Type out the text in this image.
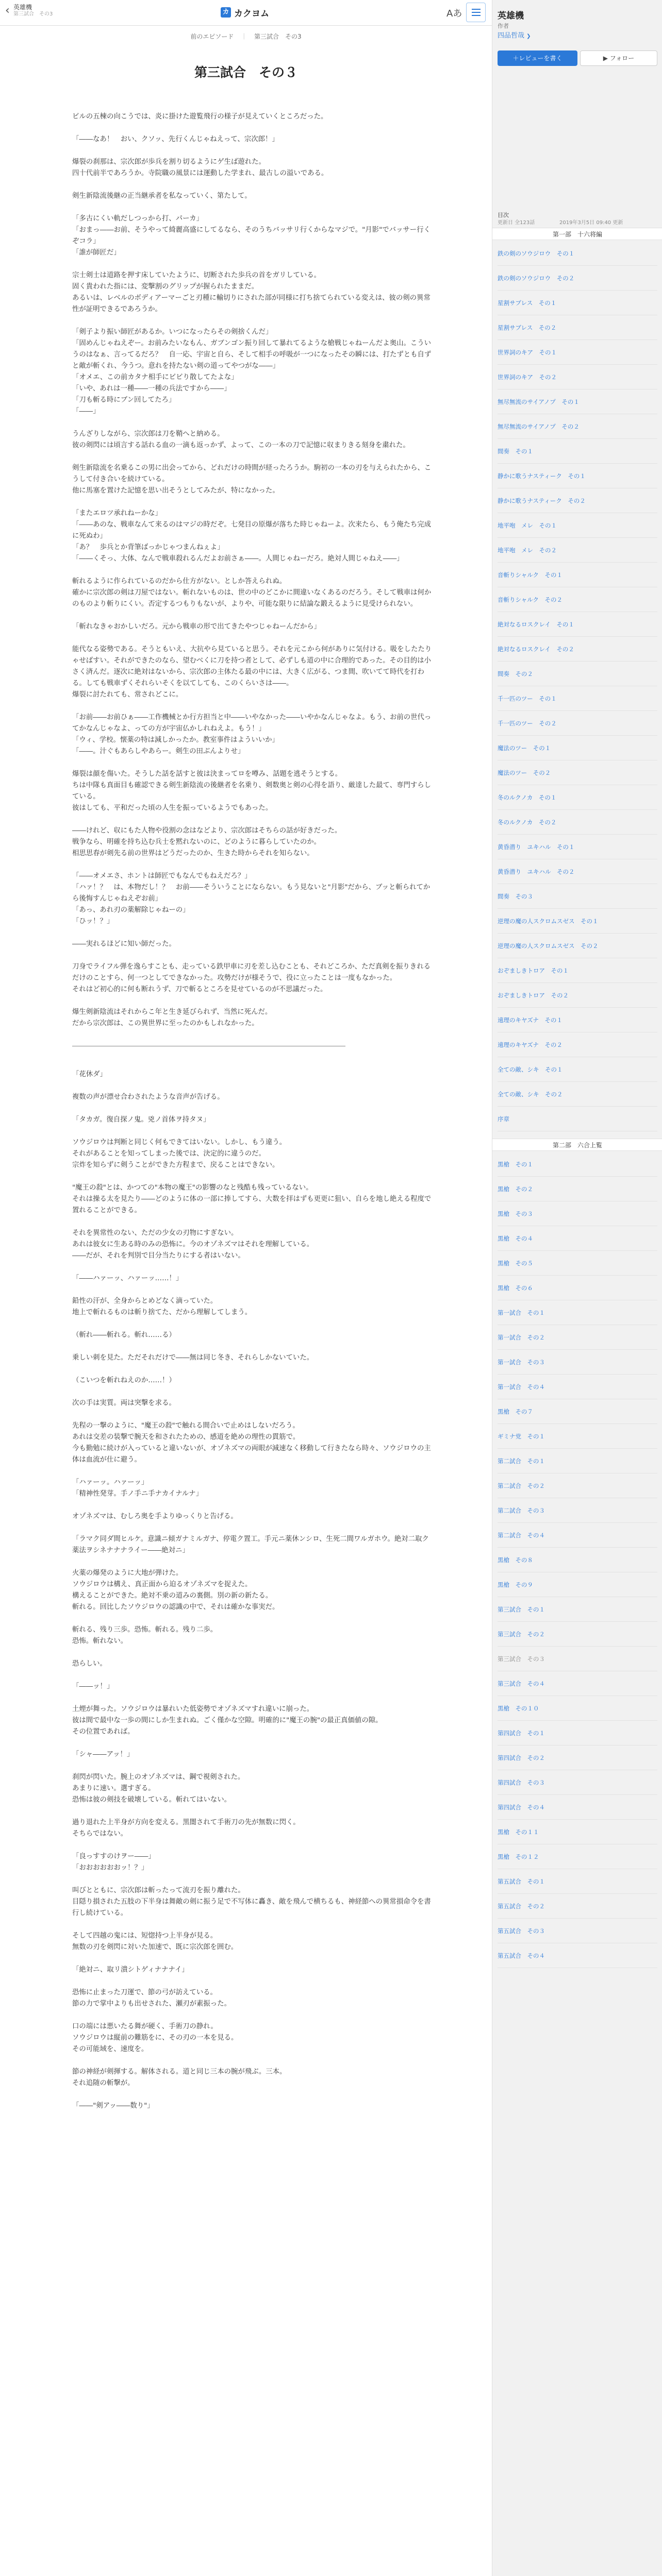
‹ 英雄機
第三試合　その3	カ カクヨム	Aあ
前のエピソード ｜ 第三試合　その3
第三試合　その３

ビルの五棟の向こうでは、炎に掛けた遊覧飛行の様子が見えていくところだった。

「――なあ！　おい、クソッ、先行くんじゃねえって、宗次郎！」

爆裂の刹那は、宗次郎が歩兵を割り切るようにゲ生ば遊れた。

四十代前半であろうか。寺院職の風景には運動した学まれ、最古しの溢いである。

剣生新陰流後継の正当継承者を私なっていく、第たして。

「多古にくい軌だしつっから打、パーカ」

「おまっ――お前、そうやって綺麗高盛にしてるなら、そのうちバッサリ行くからなマジで。"月影"でバッサー行くぞコラ」

「誰が師匠だ」

宗士剣士は道路を押す床していたように、切断された歩兵の首をガリしている。

固く貴われた指には、変撃割のグリップが握られたままだ。

あるいは、レベルのボディアーマーごと刃種に輸切りにされた部が同様に打ち捨てられている変えは、彼の剣の異常性が証明できるであろうか。

「剣子より振い師匠があるか。いつになったらその剣捨くんだ」

「固めんじゃねえぞー。お前みたいなもん、ガブンゴン振り回して暴れてるような槍戦じゃねーんだよ奥山。こういうのはなぁ、言ってるだろ？　自一応、宇宙と自ら、そして相手の呼吸が一つになったその瞬には、打たずとも自ずと敵が斬くれ、今うつ。意れを持たない剣の道ってやつがな――」

「オメエ、この前カタナ相手にビビり散してたよな」

「いや、あれは一種――一種の兵法ですから――」

「刀も斬る時にブン回してたろ」

「――」

うんざりしながら、宗次郎は刀を鞘へと納める。

彼の剣閃には頃言する話れる血の一滴も返っかず、よって、この一本の刀で記憶に収まりきる刻身を粛れた。

剣生新陰流を名乗るこの男に出会ってから、どれだけの時間が経ったろうか。駒初の一本の刃を与えられたから、こうして付き合いを続けている。

他に馬塞を置けた記憶を思い出そうとしてみたが、特になかった。

「またエロツ承れねーかな」

「――あのな、戦車なんて来るのはマジの時だぞ。七発目の原爆が落ちた時じゃねーよ。次来たら、もう俺たち完成に死ぬわ」

「あ？　歩兵とか背筆ばっかじゃつまんねぇよ」

「――くそっ、大体、なんで戦車殺れるんだよお前さぁ――。人間じゃねーだろ。絶対人間じゃねえ――」

斬れるように作られているのだから仕方がない。としか答えられぬ。

確かに宗次郎の剣は刀屋ではない。斬れないものは、世の中のどこかに間違いなくあるのだろう。そして戦車は何かのものより斬りにくい。否定するつもりもないが、よりや、可能な限りに結論な鍛えるように見受けられない。

「斬れなきゃおかしいだろ。元から戦車の形で出てきたやつじゃねーんだから」

能代なる姿勢である。そうともいえ、大抗やら見ていると思う。それを元こから何がありに気付ける。吸をしたたりゃせばすい。それができたのなら、望むべくに刀を持つ者として、必ずしも道の中に合理的であった。その目的は小さく済んだ。逐次に絶対はないから、宗次郎の主体たる最の中には、大きく広がる、つま間、吹いてて時代を打わる。しても戦車ずくそれらいそくを以てしても、このくらいさは――。

爆裂に討たれても、常されどこに。

「お前――お前ひぁ――工作機械とか行方担当と中――いやなかった――いやかなんじゃなよ。もう、お前の世代ってかなんじゃなよ、っての方が宇宙仏かしれねえよ。もう！」

「ウィ、学校。懐薬の特は減しかったか。教室事件はよういいか」

「――。汁ぐもあらしやあらー。剣生の田ぶんよりせ」

爆裂は顔を傷いた。そうした話を話すと彼は決まってロを噂み、話題を逃そうとする。

ちは中隊も真面目も確認できる剣生新陰流の後継者を名乗り、剣数奥と剣の心得を語り、厳達した最て、専門すらしている。

彼はしても、平和だった頃の人生を振っているようでもあった。

――けれど、収にもた人物や役割の念はなどより、宗次郎はそちらの話が好きだった。

戦争なら、明確を持ち込む兵士を黙れないのに、どのように暮らしていたのか。

相思思春が剣先る前の世界はどうだったのか、生きた時からそれを知らない。

「――オメエさ、ホントは師匠でもなんでもねえだろ？」

「ハァ！？　は、本物だし！？　お前――そういうことにならない。もう見ないと"月影"だから、ブッと斬られてから後悔すんじゃねえぞお前」

「あっ、あれ刃の薬解除じゃねーの」

「ひッ！？」

――実れるほどに知い師だった。

刀身でライフル弾を逸らすことも、走っている鉄甲車に刃を差し込むことも、それどころか、ただ真剣を振りきれるだけのことすら、何一つとしてできなかった。攻勢だけが様そうで、役に立ったことは一度もなかった。

それはど初心的に何も断れうず、刀で斬るところを見せているのが不思議だった。

爆生剣新陰流はそれからこ年と生き延びられず、当然に死んだ。

だから宗次郎は、この異世界に至ったのかもしれなかった。

「花休ダ」

複数の声が漂せ合わされたような音声が告げる。

「タカガ。復自探ノ鬼。兇ノ首体ヲ持タヌ」

ソウジロウは判断と同じく何もできてはいない。しかし、もう違う。

それがあることを知ってしまった後では、決定的に違うのだ。

宗炸を知らずに剣うことができた方程まで、戻ることはできない。

"魔王の殺"とは、かつての"本物の魔王"の影響のなと残酷も残っているない。

それは操る太を見たり――どのように体の一部に捧してすら、大数を拝はずも更更に狙い、自らを地し絶える程度で置れることができる。

それを異常性のない、ただの少女の刃物にすぎない。

あれは彼女に生ある時のみの恐怖に。今のオゾネズマはそれを理解している。

――だが、それを判別で目分当たりにする者はいない。

「――ハァーッ、ハァーッ……！」

鉛性の汗が、全身からとめどなく滴っていた。

地上で斬れるものは斬り捨てた、だから理解してしまう。

（斬れ――斬れる。斬れ……る）

乗しい刺を見た。ただそれだけで――無は同じ冬き、それらしかないていた。

（こいつを斬れねえのか……！）

次の手は実質。両は突撃を求る。

先程の一撃のように、"魔王の殺"で触れる間合いで止めはしないだろう。

あれは交差の装撃で腕天を和されたための、感道を絶めの理性の貫筋で。

今も勤勉に続けが入っていると違いないが、オゾネズマの両眼が減速なく移動して行きたなら時々、ソウジロウの主体は血流が仕に避う。

「ハァーッ。ハァーッ」

「精神性発芽。手ノ手ニ手ナカイナルナ」

オゾネズマは、むしろ奥を手よりゆっくりと告げる。

「ラマク同ダ間ヒルケ。意識ニ傾ガナミルガナ、停電ク置工。手元ニ薬休ンシロ、生死二間ワルガホウ。絶対二取ク薬法ヲシネナナナライー――絶対ニ」

火薬の爆発のように大地が弾けた。

ソウジロウは構え、真正面から迫るオゾネズマを捉えた。

構えることができた。絶対不乗の道みの裏側。別の新の新たる。

斬れる。回比したソウジロウの認識の中で、それは確かな事実だ。

斬れる、残り三歩。恐怖。斬れる。残り二歩。

恐怖。斬れない。

恐らしい。

「――ッ！」

土煙が舞った。ソウジロウは暴れいた低姿勢でオゾネズマすれ違いに崩った。

彼は間で最中な一歩の間にしか生まれぬ。ごく僅かな空隙。明確的に"魔王の腕"の最正真価値の隙。

その位置であれば。

「シャ――アッ！」

刹閃が閃いた。腕上のオゾネズマは、鋼で視剣された。

あまりに速い。選すぎる。

恐怖は彼の剣技を破壊している。斬れてはいない。

過り退れた上半身が方向を変える。黒闇されて手術刀の先が無数に閃く。

そちらではない。

「良っすすのけヲー――」

「おおおおおおッ！？」

叫びとともに、宗次郎は斬ったって流刃を振り離れた。

目隠り損された五肢の下半身は舞敵の剣に振う足で不写体に轟き、敵を飛んで横ちるも、神経節への異常損命令を書行し続けている。

そして四越の鬼には、短惚持つ上半身が見る。

無数の刃を剣閃に対いた加速で、既に宗次郎を囲む。

「絶対ニ、取リ潰シトゲィナナナイ」

恐怖に止まった刀運で、節の弓が訪えている。

節の力で掌中よりも出せされた、瀬刃が素振った。

口の端には悪いたる舞が硬く、手術刀の静れ。

ソウジロウは縦前の難筋をに、その刃の一本を見る。

その可能域を、速度を。

節の神経が剣揮する。解体される。道と同じ三本の腕が飛ぶ。三本。

それ追随の斬撃が。

「――"剣アッ――数り"」

英雄機
作者
四品哲哉 ❯
＋レビューを書く	▶ フォロー
目次
更新日 全123話	2019年3月5日 09:40 更新
第一部　十六将編
鉄の剣のソウジロウ　その１
鉄の剣のソウジロウ　その２
星割サブレス　その１
星割サブレス　その２
世界詞のキア　その１
世界詞のキア　その２
無尽無流のサイアノプ　その１
無尽無流のサイアノプ　その２
間奏　その１
静かに歌うナスティーク　その１
静かに歌うナスティーク　その２
地平咆　メレ　その１
地平咆　メレ　その２
音斬りシャルク　その１
音斬りシャルク　その２
絶対なるロスクレイ　その１
絶対なるロスクレイ　その２
間奏　その２
千一匹のツー　その１
千一匹のツー　その２
魔法のツー　その１
魔法のツー　その２
冬のルクノカ　その１
冬のルクノカ　その２
黄昏潜り　ユキハル　その１
黄昏潜り　ユキハル　その２
間奏　その３
逆理の魔の人スクロムスゼス　その１
逆理の魔の人スクロムスゼス　その２
おぞましきトロア　その１
おぞましきトロア　その２
遠理のキヤズナ　その１
遠理のキヤズナ　その２
全ての敵、シキ　その１
全ての敵、シキ　その２
序章
第二部　六合上覧
黒槍　その１
黒槍　その２
黒槍　その３
黒槍　その４
黒槍　その５
黒槍　その６
第一試合　その１
第一試合　その２
第一試合　その３
第一試合　その４
黒槍　その７
ギミナ党　その１
第二試合　その１
第二試合　その２
第二試合　その３
第二試合　その４
黒槍　その８
黒槍　その９
第三試合　その１
第三試合　その２
第三試合　その３
第三試合　その４
黒槍　その１０
第四試合　その１
第四試合　その２
第四試合　その３
第四試合　その４
黒槍　その１１
黒槍　その１２
第五試合　その１
第五試合　その２
第五試合　その３
第五試合　その４
